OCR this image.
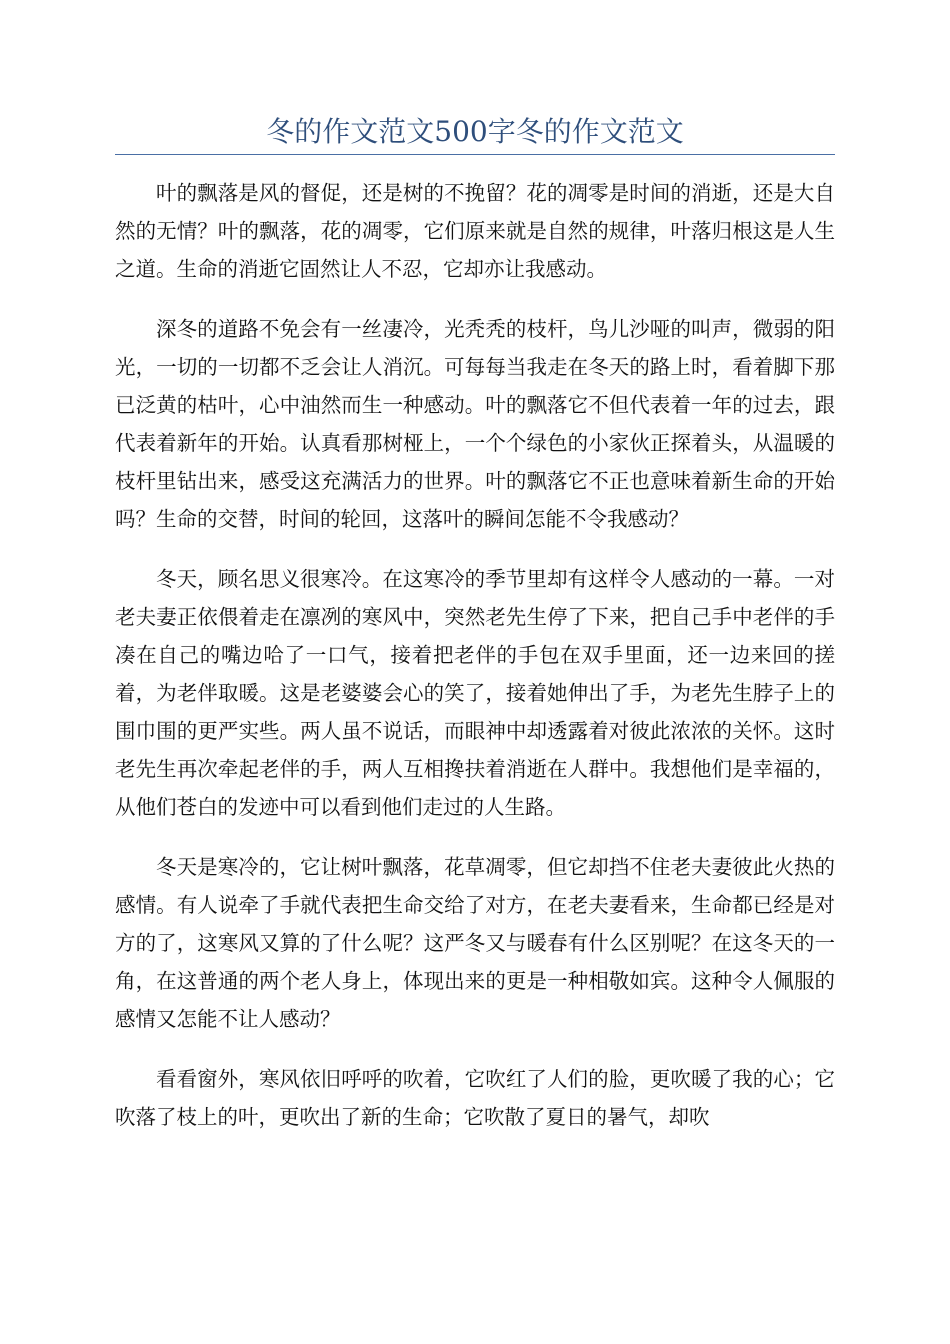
冬的作文范文500字冬的作文范文

叶的飘落是风的督促，还是树的不挽留？花的凋零是时间的消逝，还是大自然的无情？叶的飘落，花的凋零，它们原来就是自然的规律，叶落归根这是人生之道。生命的消逝它固然让人不忍，它却亦让我感动。

深冬的道路不免会有一丝凄冷，光秃秃的枝杆，鸟儿沙哑的叫声，微弱的阳光，一切的一切都不乏会让人消沉。可每每当我走在冬天的路上时，看着脚下那已泛黄的枯叶，心中油然而生一种感动。叶的飘落它不但代表着一年的过去，跟代表着新年的开始。认真看那树桠上，一个个绿色的小家伙正探着头，从温暖的枝杆里钻出来，感受这充满活力的世界。叶的飘落它不正也意味着新生命的开始吗？生命的交替，时间的轮回，这落叶的瞬间怎能不令我感动？

冬天，顾名思义很寒冷。在这寒冷的季节里却有这样令人感动的一幕。一对老夫妻正依偎着走在凛冽的寒风中，突然老先生停了下来，把自己手中老伴的手凑在自己的嘴边哈了一口气，接着把老伴的手包在双手里面，还一边来回的搓着，为老伴取暖。这是老婆婆会心的笑了，接着她伸出了手，为老先生脖子上的围巾围的更严实些。两人虽不说话，而眼神中却透露着对彼此浓浓的关怀。这时老先生再次牵起老伴的手，两人互相搀扶着消逝在人群中。我想他们是幸福的，从他们苍白的发迹中可以看到他们走过的人生路。

冬天是寒冷的，它让树叶飘落，花草凋零，但它却挡不住老夫妻彼此火热的感情。有人说牵了手就代表把生命交给了对方，在老夫妻看来，生命都已经是对方的了，这寒风又算的了什么呢？这严冬又与暖春有什么区别呢？在这冬天的一角，在这普通的两个老人身上，体现出来的更是一种相敬如宾。这种令人佩服的感情又怎能不让人感动？

看看窗外，寒风依旧呼呼的吹着，它吹红了人们的脸，更吹暖了我的心；它吹落了枝上的叶，更吹出了新的生命；它吹散了夏日的暑气，却吹
